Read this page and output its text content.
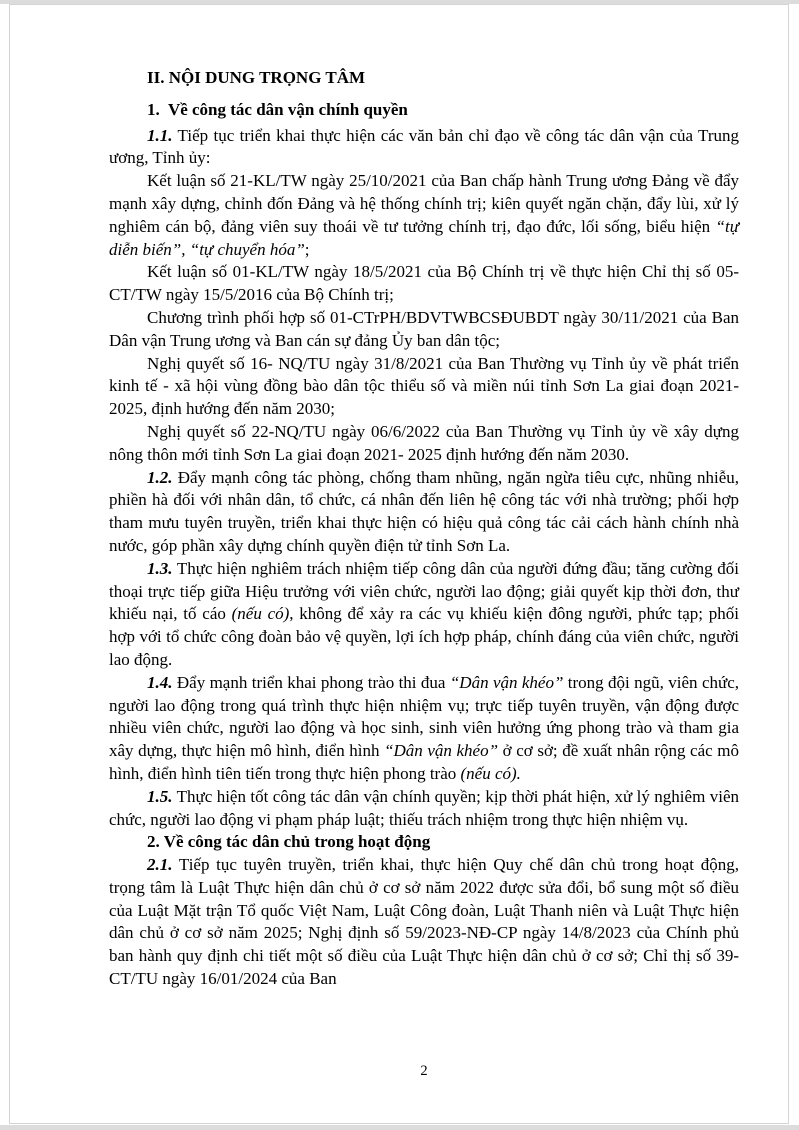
II. NỘI DUNG TRỌNG TÂM

1.  Về công tác dân vận chính quyền

1.1. Tiếp tục triển khai thực hiện các văn bản chỉ đạo về công tác dân vận của Trung ương, Tỉnh ủy:

Kết luận số 21-KL/TW ngày 25/10/2021 của Ban chấp hành Trung ương Đảng về đẩy mạnh xây dựng, chỉnh đốn Đảng và hệ thống chính trị; kiên quyết ngăn chặn, đẩy lùi, xử lý nghiêm cán bộ, đảng viên suy thoái về tư tưởng chính trị, đạo đức, lối sống, biểu hiện “tự diễn biến”, “tự chuyển hóa”;

Kết luận số 01-KL/TW ngày 18/5/2021 của Bộ Chính trị về thực hiện Chỉ thị số 05-CT/TW ngày 15/5/2016 của Bộ Chính trị;

Chương trình phối hợp số 01-CTrPH/BDVTWBCSĐUBDT ngày 30/11/2021 của Ban Dân vận Trung ương và Ban cán sự đảng Ủy ban dân tộc;

Nghị quyết số 16- NQ/TU ngày 31/8/2021 của Ban Thường vụ Tỉnh ủy về phát triển kinh tế - xã hội vùng đồng bào dân tộc thiểu số và miền núi tỉnh Sơn La giai đoạn 2021- 2025, định hướng đến năm 2030;

Nghị quyết số 22-NQ/TU ngày 06/6/2022 của Ban Thường vụ Tỉnh ủy về xây dựng nông thôn mới tỉnh Sơn La giai đoạn 2021- 2025 định hướng đến năm 2030.

1.2. Đẩy mạnh công tác phòng, chống tham nhũng, ngăn ngừa tiêu cực, nhũng nhiễu, phiền hà đối với nhân dân, tổ chức, cá nhân đến liên hệ công tác với nhà trường; phối hợp tham mưu tuyên truyền, triển khai thực hiện có hiệu quả công tác cải cách hành chính nhà nước, góp phần xây dựng chính quyền điện tử tỉnh Sơn La.

1.3. Thực hiện nghiêm trách nhiệm tiếp công dân của người đứng đầu; tăng cường đối thoại trực tiếp giữa Hiệu trưởng với viên chức, người lao động; giải quyết kịp thời đơn, thư khiếu nại, tố cáo (nếu có), không để xảy ra các vụ khiếu kiện đông người, phức tạp; phối hợp với tổ chức công đoàn bảo vệ quyền, lợi ích hợp pháp, chính đáng của viên chức, người lao động.

1.4. Đẩy mạnh triển khai phong trào thi đua “Dân vận khéo” trong đội ngũ, viên chức, người lao động trong quá trình thực hiện nhiệm vụ; trực tiếp tuyên truyền, vận động được nhiều viên chức, người lao động và học sinh, sinh viên hưởng ứng phong trào và tham gia xây dựng, thực hiện mô hình, điển hình “Dân vận khéo” ở cơ sở; đề xuất nhân rộng các mô hình, điển hình tiên tiến trong thực hiện phong trào (nếu có).

1.5. Thực hiện tốt công tác dân vận chính quyền; kịp thời phát hiện, xử lý nghiêm viên chức, người lao động vi phạm pháp luật; thiếu trách nhiệm trong thực hiện nhiệm vụ.

2. Về công tác dân chủ trong hoạt động

2.1. Tiếp tục tuyên truyền, triển khai, thực hiện Quy chế dân chủ trong hoạt động, trọng tâm là Luật Thực hiện dân chủ ở cơ sở năm 2022 được sửa đổi, bổ sung một số điều của Luật Mặt trận Tổ quốc Việt Nam, Luật Công đoàn, Luật Thanh niên và Luật Thực hiện dân chủ ở cơ sở năm 2025; Nghị định số 59/2023-NĐ-CP ngày 14/8/2023 của Chính phủ ban hành quy định chi tiết một số điều của Luật Thực hiện dân chủ ở cơ sở; Chỉ thị số 39-CT/TU ngày 16/01/2024 của Ban

2
